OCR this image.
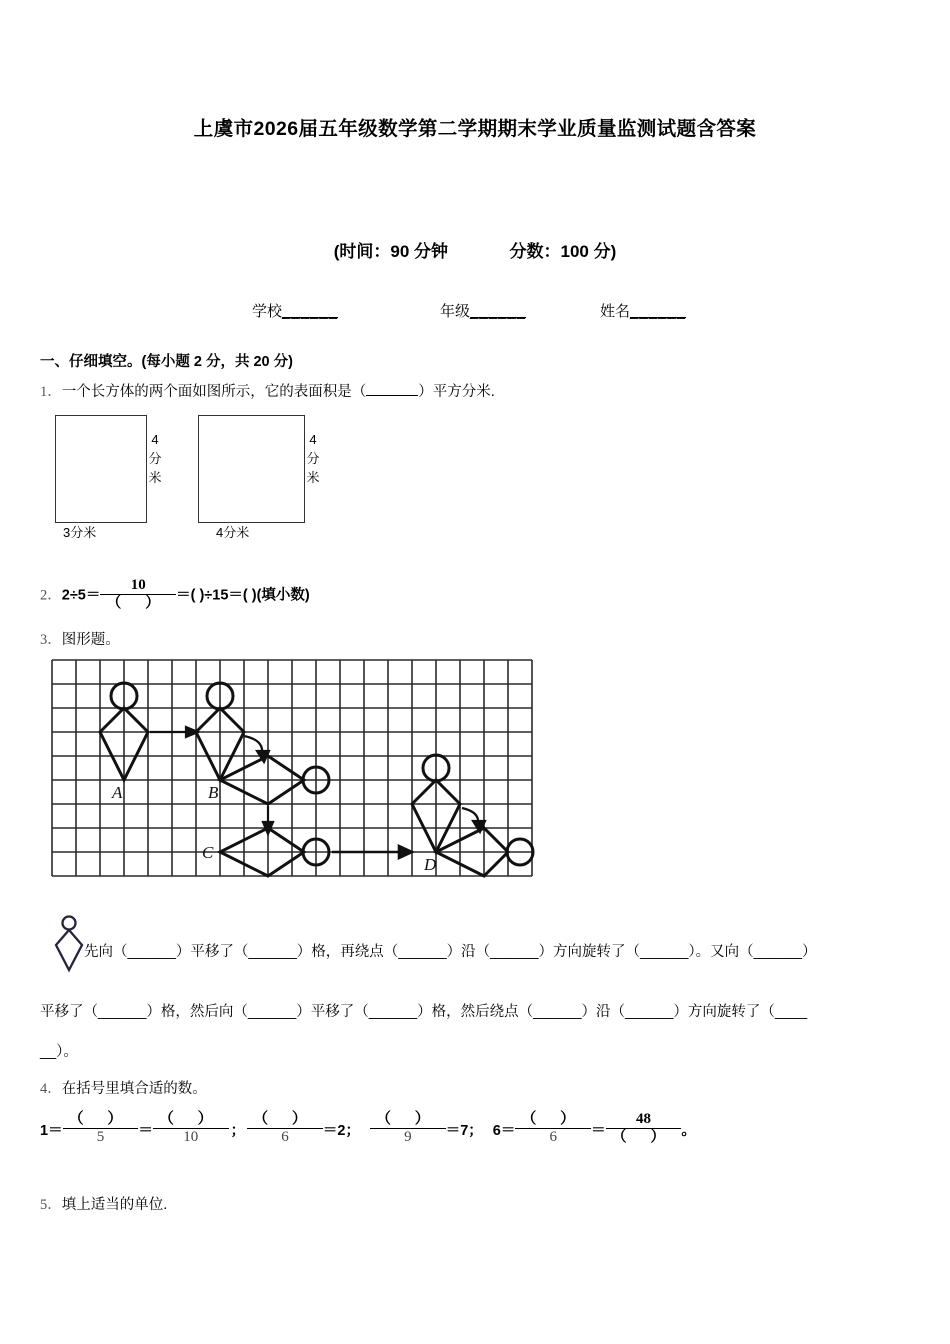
上虞市2026届五年级数学第二学期期末学业质量监测试题含答案
(时间：90 分钟	分数：100 分)
学校______	年级______	姓名______
一、仔细填空。(每小题 2 分，共 20 分)
1．一个长方体的两个面如图所示，它的表面积是（	）平方分米.
4
分
米
3分米
4
分
米
4分米
2．$2\div 5= \frac{10}{( )}$ ＝( )÷15＝( )(填小数)
3．图形题。
A	B
C
D
先向（______）平移了（______）格，再绕点（______）沿（______）方向旋转了（______）。又向（______）
平移了（______）格，然后向（______）平移了（______）格，然后绕点（______）沿（______）方向旋转了（____
__）。
4．在括号里填合适的数。
$1= \frac{( )}{5} = \frac{( )}{10}$ ； $\frac{( )}{6} =2$； $\frac{( )}{9} =7$； $6= \frac{( )}{6} = \frac{48}{( )}$ 。
5．填上适当的单位.
